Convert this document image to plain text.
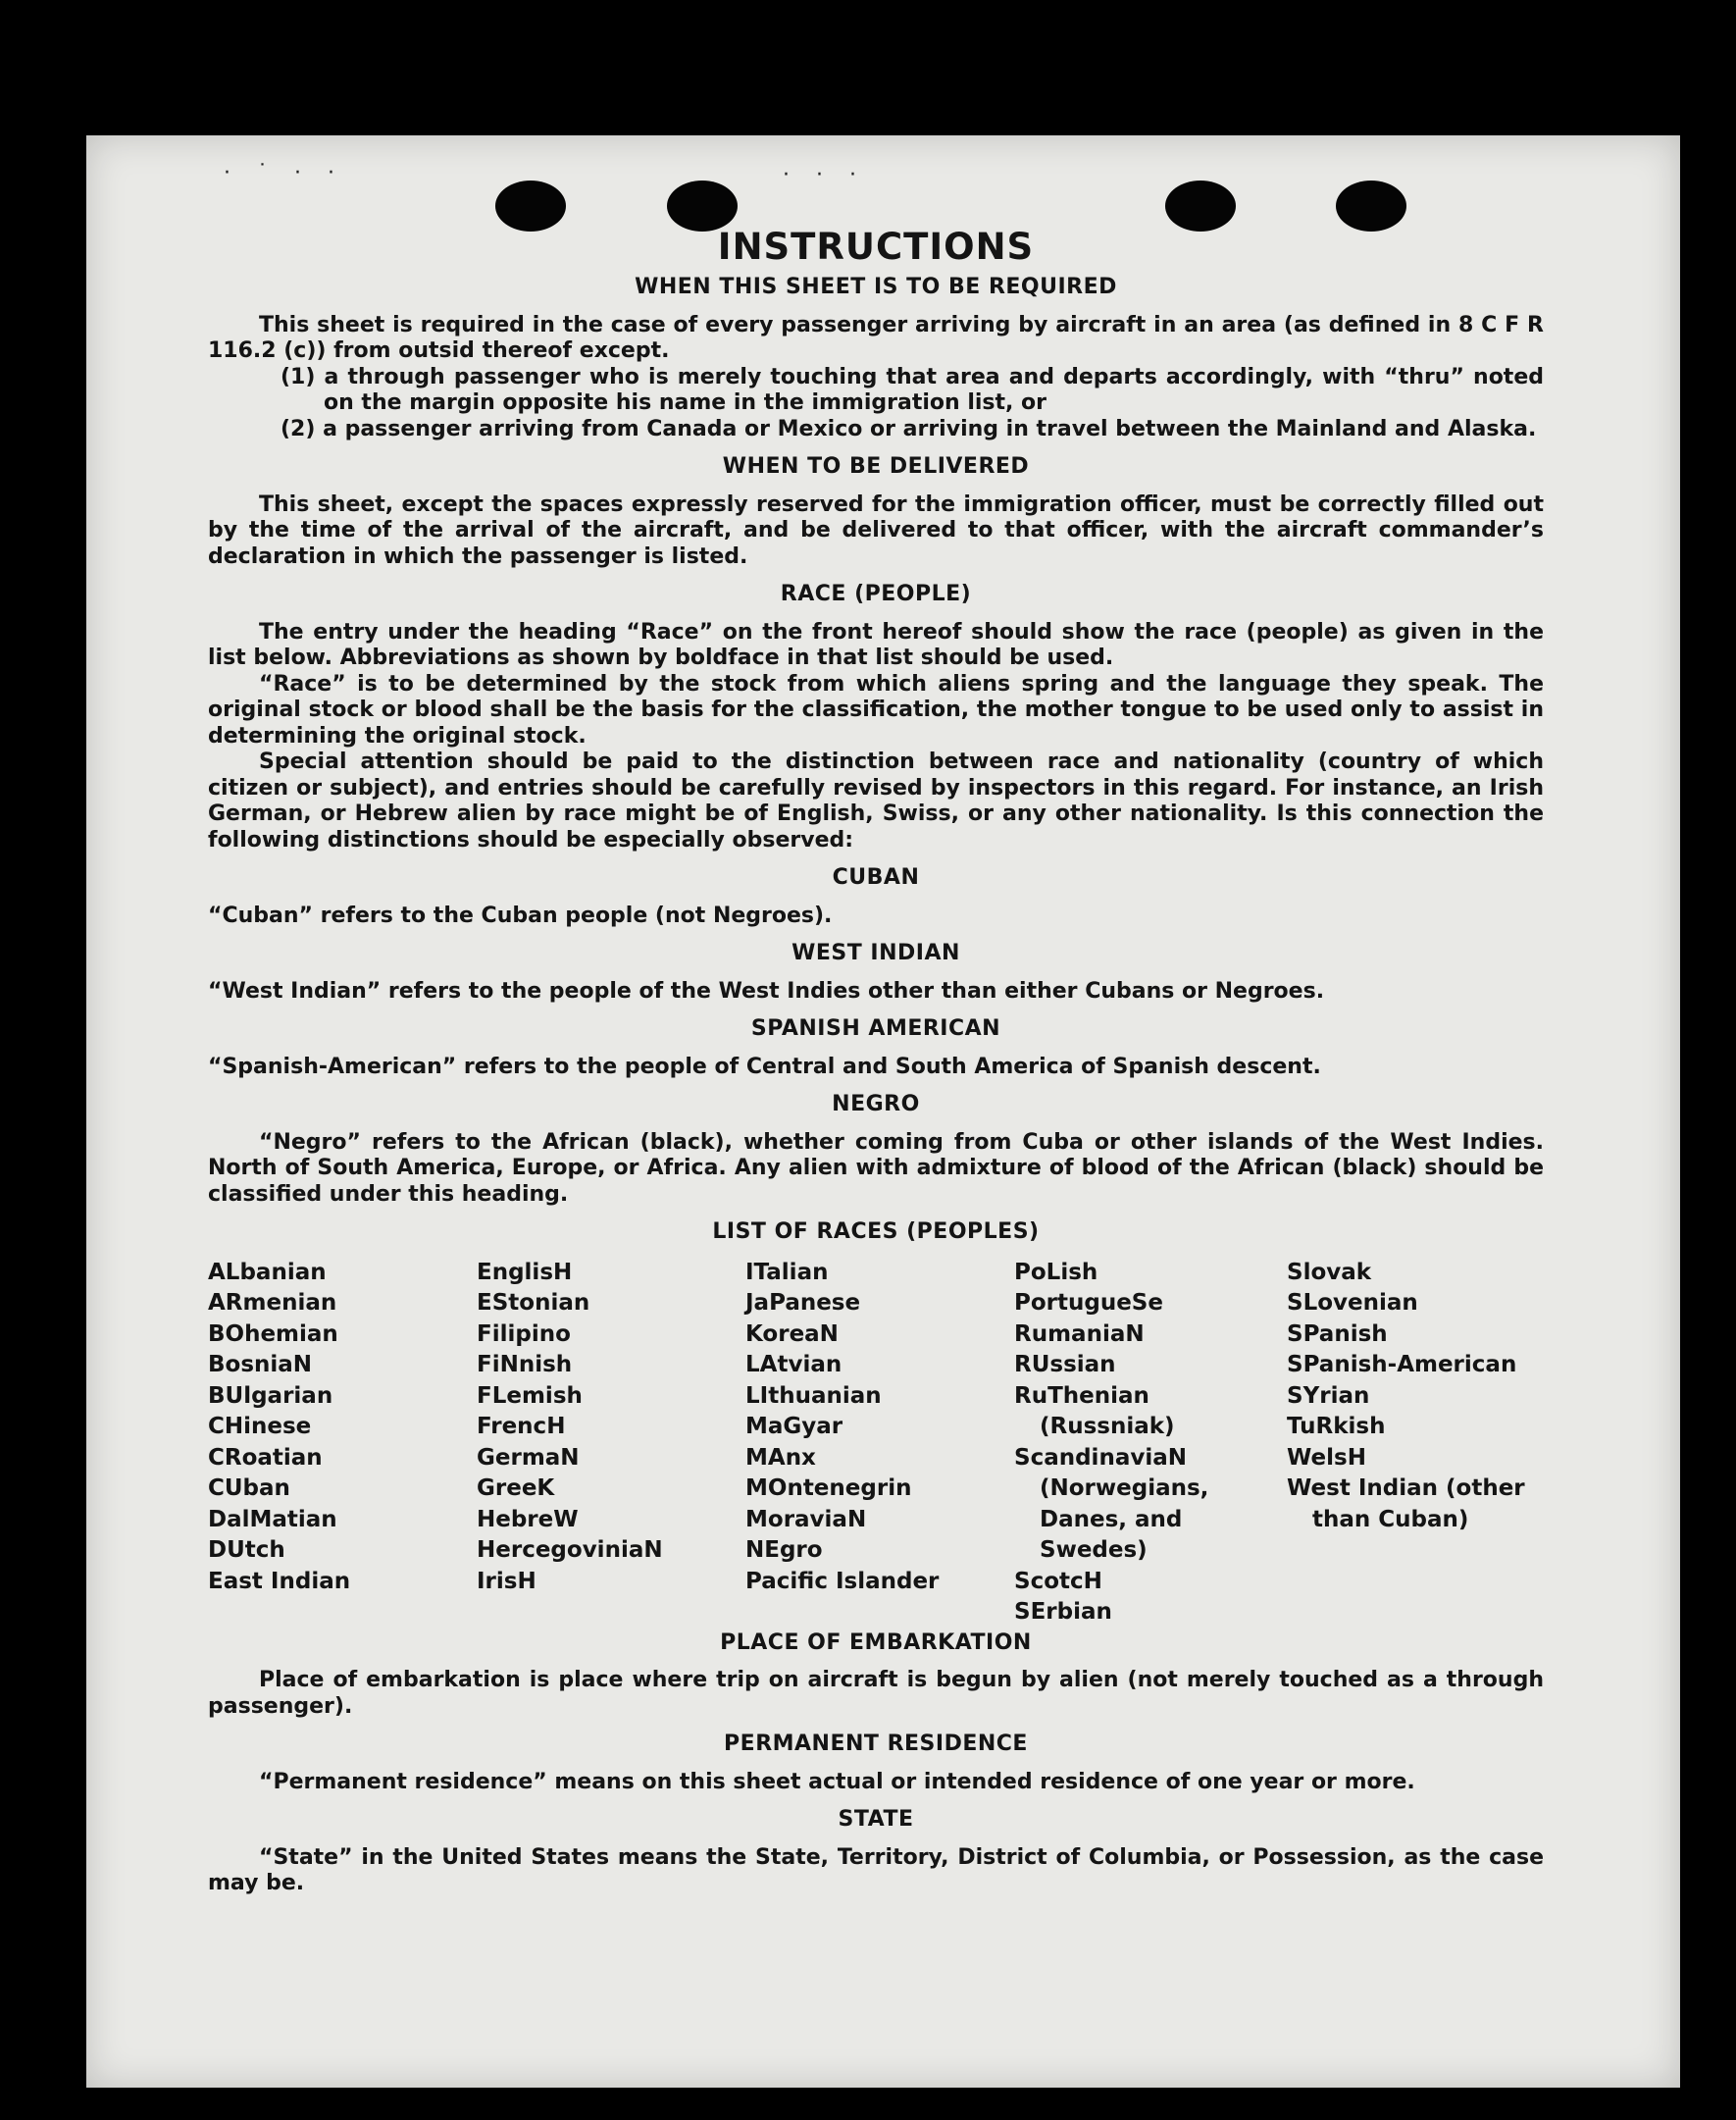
· ˙ · ·	· · ·
INSTRUCTIONS
WHEN THIS SHEET IS TO BE REQUIRED

This sheet is required in the case of every passenger arriving by aircraft in an area (as defined in 8 C F R 116.2 (c)) from outsid thereof except.

(1) a through passenger who is merely touching that area and departs accordingly, with “thru” noted on the margin opposite his name in the immigration list, or

(2) a passenger arriving from Canada or Mexico or arriving in travel between the Mainland and Alaska.

WHEN TO BE DELIVERED

This sheet, except the spaces expressly reserved for the immigration officer, must be correctly filled out by the time of the arrival of the aircraft, and be delivered to that officer, with the aircraft commander’s declaration in which the passenger is listed.

RACE (PEOPLE)

The entry under the heading “Race” on the front hereof should show the race (people) as given in the list below. Abbreviations as shown by boldface in that list should be used.

“Race” is to be determined by the stock from which aliens spring and the language they speak. The original stock or blood shall be the basis for the classification, the mother tongue to be used only to assist in determining the original stock.

Special attention should be paid to the distinction between race and nationality (country of which citizen or subject), and entries should be carefully revised by inspectors in this regard. For instance, an Irish German, or Hebrew alien by race might be of English, Swiss, or any other nationality. Is this connection the following distinctions should be especially observed:

CUBAN

“Cuban” refers to the Cuban people (not Negroes).

WEST INDIAN

“West Indian” refers to the people of the West Indies other than either Cubans or Negroes.

SPANISH AMERICAN

“Spanish-American” refers to the people of Central and South America of Spanish descent.

NEGRO

“Negro” refers to the African (black), whether coming from Cuba or other islands of the West Indies. North of South America, Europe, or Africa. Any alien with admixture of blood of the African (black) should be classified under this heading.

LIST OF RACES (PEOPLES)
ALbanian
ARmenian
BOhemian
BosniaN
BUlgarian
CHinese
CRoatian
CUban
DalMatian
DUtch
East Indian
EnglisH
EStonian
Filipino
FiNnish
FLemish
FrencH
GermaN
GreeK
HebreW
HercegoviniaN
IrisH
ITalian
JaPanese
KoreaN
LAtvian
LIthuanian
MaGyar
MAnx
MOntenegrin
MoraviaN
NEgro
Pacific Islander
PoLish
PortugueSe
RumaniaN
RUssian
RuThenian (Russniak)
ScandinaviaN (Norwegians, Danes, and Swedes)
ScotcH
SErbian
Slovak
SLovenian
SPanish
SPanish-American
SYrian
TuRkish
WelsH
West Indian (other than Cuban)
PLACE OF EMBARKATION

Place of embarkation is place where trip on aircraft is begun by alien (not merely touched as a through passenger).

PERMANENT RESIDENCE

“Permanent residence” means on this sheet actual or intended residence of one year or more.

STATE

“State” in the United States means the State, Territory, District of Columbia, or Possession, as the case may be.
